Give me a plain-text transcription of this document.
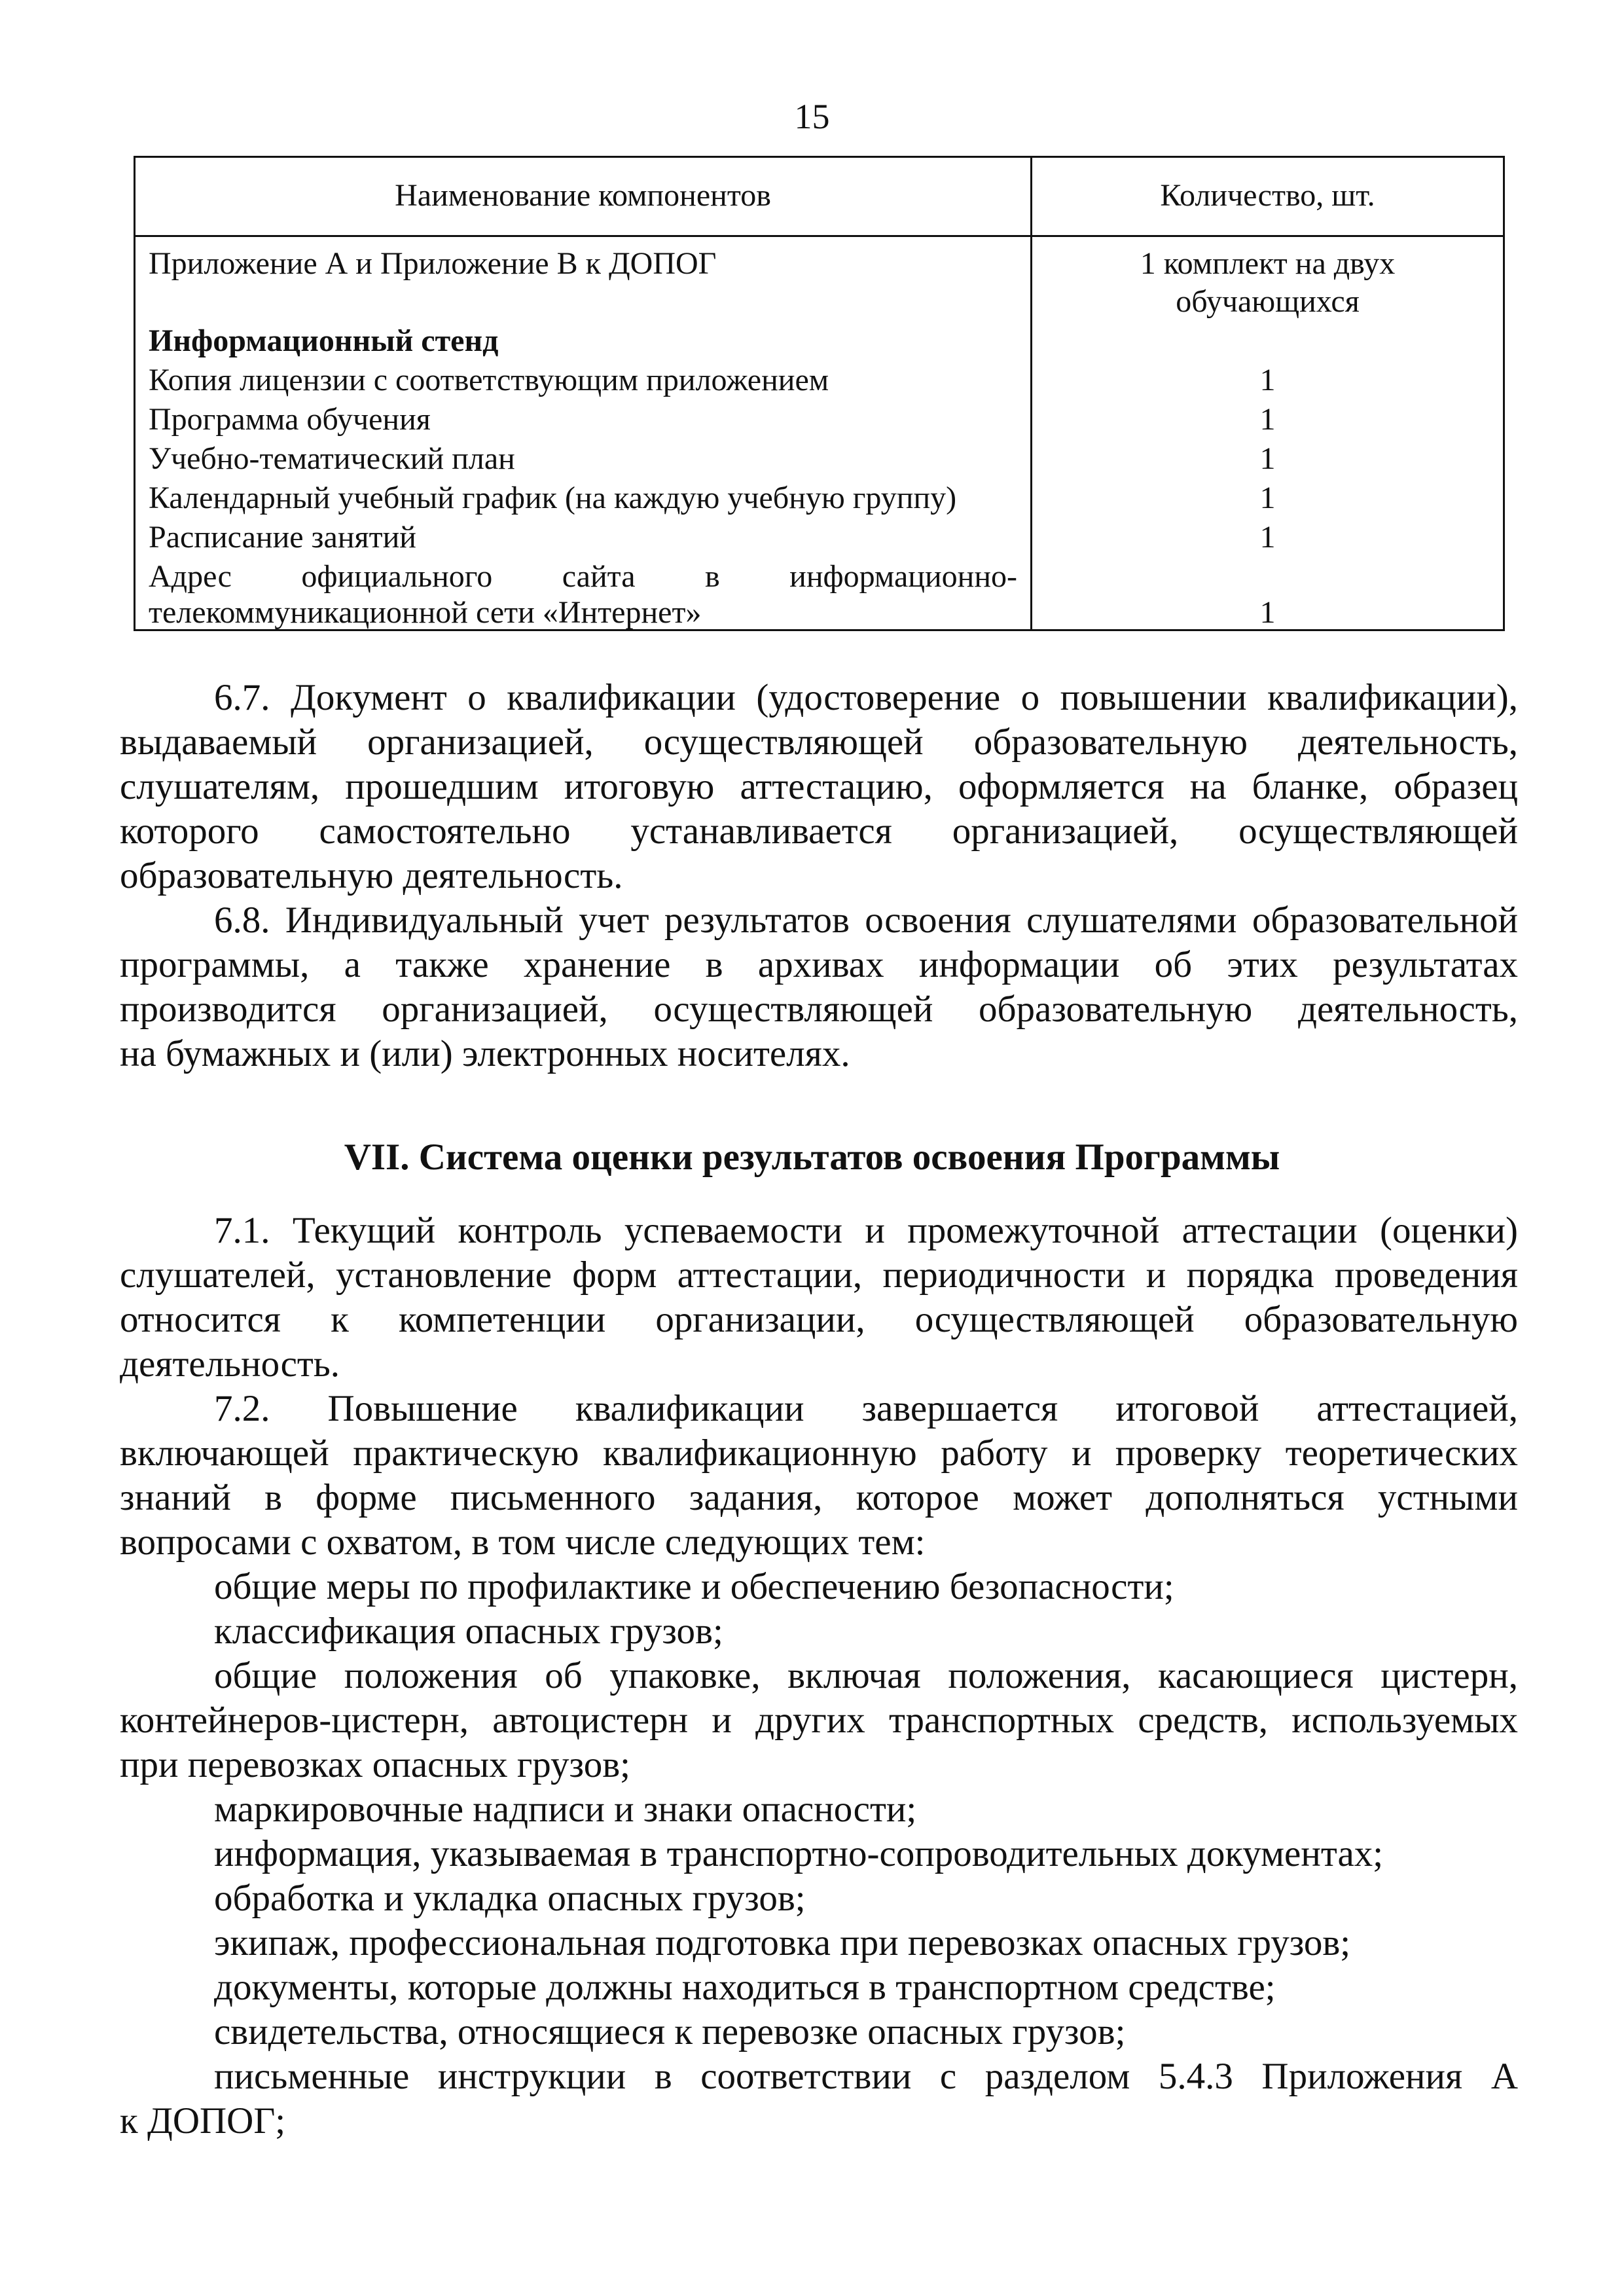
15
Наименование компонентов	Количество, шт.
Приложение А и Приложение В к ДОПОГ	1 комплект на двух
обучающихся
Информационный стенд
Копия лицензии с соответствующим приложением	1
Программа обучения	1
Учебно-тематический план	1
Календарный учебный график (на каждую учебную группу)	1
Расписание занятий	1
Адрес официального сайта в информационно-
телекоммуникационной сети «Интернет»	1
6.7. Документ о квалификации (удостоверение о повышении квалификации),
выдаваемый организацией, осуществляющей образовательную деятельность,
слушателям, прошедшим итоговую аттестацию, оформляется на бланке, образец
которого самостоятельно устанавливается организацией, осуществляющей
образовательную деятельность.
6.8. Индивидуальный учет результатов освоения слушателями образовательной
программы, а также хранение в архивах информации об этих результатах
производится организацией, осуществляющей образовательную деятельность,
на бумажных и (или) электронных носителях.
VII. Система оценки результатов освоения Программы
7.1. Текущий контроль успеваемости и промежуточной аттестации (оценки)
слушателей, установление форм аттестации, периодичности и порядка проведения
относится к компетенции организации, осуществляющей образовательную
деятельность.
7.2. Повышение квалификации завершается итоговой аттестацией,
включающей практическую квалификационную работу и проверку теоретических
знаний в форме письменного задания, которое может дополняться устными
вопросами с охватом, в том числе следующих тем:
общие меры по профилактике и обеспечению безопасности;
классификация опасных грузов;
общие положения об упаковке, включая положения, касающиеся цистерн,
контейнеров-цистерн, автоцистерн и других транспортных средств, используемых
при перевозках опасных грузов;
маркировочные надписи и знаки опасности;
информация, указываемая в транспортно-сопроводительных документах;
обработка и укладка опасных грузов;
экипаж, профессиональная подготовка при перевозках опасных грузов;
документы, которые должны находиться в транспортном средстве;
свидетельства, относящиеся к перевозке опасных грузов;
письменные инструкции в соответствии с разделом 5.4.3 Приложения А
к ДОПОГ;
